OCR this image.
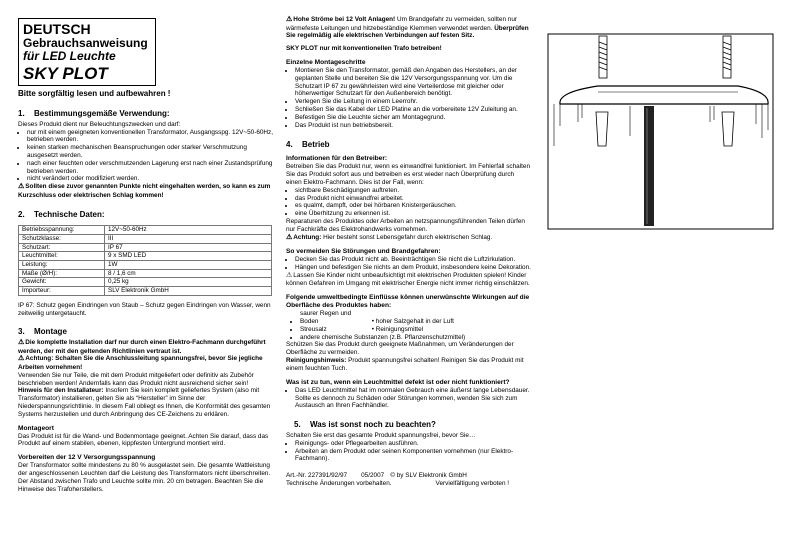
DEUTSCH
Gebrauchsanweisung
für LED Leuchte
SKY PLOT
Bitte sorgfältig lesen und aufbewahren !
1. Bestimmungsgemäße Verwendung:

Dieses Produkt dient nur Beleuchtungszwecken und darf:

• nur mit einem geeigneten konventionellen Transformator, Ausgangsspg. 12V~50-60Hz, betrieben werden.
• keinen starken mechanischen Beanspruchungen oder starker Verschmutzung ausgesetzt werden.
• nach einer feuchten oder verschmutzenden Lagerung erst nach einer Zustandsprüfung betrieben werden.
• nicht verändert oder modifiziert werden.

⚠ Sollten diese zuvor genannten Punkte nicht eingehalten werden, so kann es zum Kurzschluss oder elektrischen Schlag kommen!

2. Technische Daten:
Betriebsspannung:	12V~50-60Hz
Schutzklasse:	III
Schutzart:	IP 67
Leuchtmittel:	9 x SMD LED
Leistung:	1W
Maße (Ø/H):	8 / 1,6 cm
Gewicht:	0,25 kg
Importeur:	SLV Elektronik GmbH

IP 67: Schutz gegen Eindringen von Staub – Schutz gegen Eindringen von Wasser, wenn zeitweilig untergetaucht.

3. Montage

⚠ Die komplette Installation darf nur durch einen Elektro-Fachmann durchgeführt werden, der mit den geltenden Richtlinien vertraut ist.

⚠ Achtung: Schalten Sie die Anschlussleitung spannungsfrei, bevor Sie jegliche Arbeiten vornehmen!

Verwenden Sie nur Teile, die mit dem Produkt mitgeliefert oder definitiv als Zubehör beschrieben werden! Andernfalls kann das Produkt nicht ausreichend sicher sein!

Hinweis für den Installateur: Insofern Sie kein komplett geliefertes System (also mit Transformator) installieren, gelten Sie als “Hersteller” im Sinne der Niederspannungsrichtlinie. In diesem Fall obliegt es Ihnen, die Konformität des gesamten Systems herzustellen und durch Anbringung des CE-Zeichens zu erklären.

Montageort

Das Produkt ist für die Wand- und Bodenmontage geeignet. Achten Sie darauf, dass das Produkt auf einem stabilen, ebenen, kippfesten Untergrund montiert wird.

Vorbereiten der 12 V Versorgungsspannung

Der Transformator sollte mindestens zu 80 % ausgelastet sein. Die gesamte Wattleistung der angeschlossenen Leuchten darf die Leistung des Transformators nicht überschreiten. Der Abstand zwischen Trafo und Leuchte sollte min. 20 cm betragen. Beachten Sie die Hinweise des Trafoherstellers.

⚠ Hohe Ströme bei 12 Volt Anlagen! Um Brandgefahr zu vermeiden, sollten nur wärmefeste Leitungen und hitzebeständige Klemmen verwendet werden. Überprüfen Sie regelmäßig alle elektrischen Verbindungen auf festen Sitz.

SKY PLOT nur mit konventionellen Trafo betreiben!

Einzelne Montageschritte
• Montieren Sie den Transformator, gemäß den Angaben des Herstellers, an der geplanten Stelle und bereiten Sie die 12V Versorgungsspannung vor. Um die Schutzart IP 67 zu gewährleisten wird eine Verteilerdose mit gleicher oder höherwertiger Schutzart für den Außenbereich benötigt.
• Verlegen Sie die Leitung in einem Leerrohr.
• Schließen Sie das Kabel der LED Platine an die vorbereitete 12V Zuleitung an.
• Befestigen Sie die Leuchte sicher am Montagegrund.
• Das Produkt ist nun betriebsbereit.
4. Betrieb
Informationen für den Betreiber:

Betreiben Sie das Produkt nur, wenn es einwandfrei funktioniert. Im Fehlerfall schalten Sie das Produkt sofort aus und betreiben es erst wieder nach Überprüfung durch einen Elektro-Fachmann. Dies ist der Fall, wenn:

• sichtbare Beschädigungen auftreten.
• das Produkt nicht einwandfrei arbeitet.
• es qualmt, dampft, oder bei hörbaren Knistergeräuschen.
• eine Überhitzung zu erkennen ist.

Reparaturen des Produktes oder Arbeiten an netzspannungsführenden Teilen dürfen nur Fachkräfte des Elektrohandwerks vornehmen.

⚠ Achtung: Hier besteht sonst Lebensgefahr durch elektrischen Schlag.

So vermeiden Sie Störungen und Brandgefahren:
• Decken Sie das Produkt nicht ab. Beeinträchtigen Sie nicht die Luftzirkulation.
• Hängen und befestigen Sie nichts an dem Produkt, insbesondere keine Dekoration.

⚠ Lassen Sie Kinder nicht unbeaufsichtigt mit elektrischen Produkten spielen! Kinder können Gefahren im Umgang mit elektrischer Energie nicht immer richtig einschätzen.

Folgende umweltbedingte Einflüsse können unerwünschte Wirkungen auf die Oberfläche des Produktes haben:
• saurer Regen und Boden	• hoher Salzgehalt in der Luft
• Streusalz	• Reinigungsmittel
• andere chemische Substanzen (z.B. Pflanzenschutzmittel)

Schützen Sie das Produkt durch geeignete Maßnahmen, um Veränderungen der Oberfläche zu vermeiden.

Reinigungshinweis: Produkt spannungsfrei schalten! Reinigen Sie das Produkt mit einem feuchten Tuch.

Was ist zu tun, wenn ein Leuchtmittel defekt ist oder nicht funktioniert?
• Das LED Leuchtmittel hat im normalen Gebrauch eine äußerst lange Lebensdauer. Sollte es dennoch zu Schäden oder Störungen kommen, wenden Sie sich zum Austausch an Ihren Fachhändler.
5. Was ist sonst noch zu beachten?

Schalten Sie erst das gesamte Produkt spannungsfrei, bevor Sie…

• Reinigungs- oder Pflegearbeiten ausführen.
• Arbeiten an dem Produkt oder seinen Komponenten vornehmen (nur Elektro-Fachmann).

Art.-Nr. 227391/92/97 05/2007 © by SLV Elektronik GmbH

Technische Änderungen vorbehalten.	Vervielfältigung verboten !
